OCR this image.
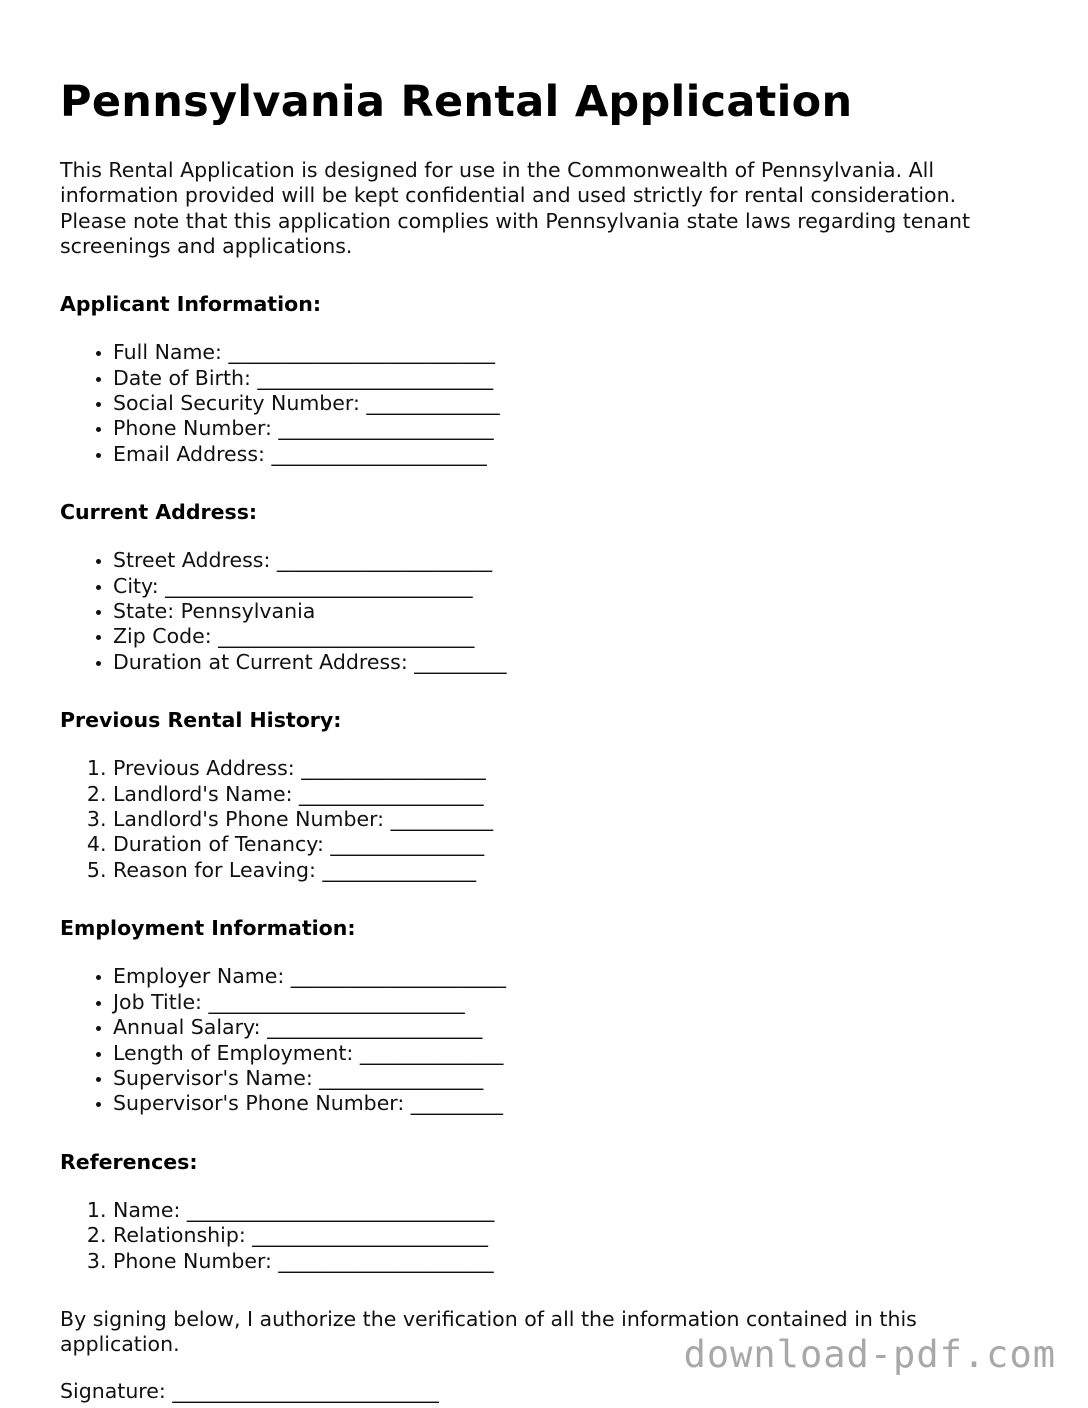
Pennsylvania Rental Application

This Rental Application is designed for use in the Commonwealth of Pennsylvania. All information provided will be kept confidential and used strictly for rental consideration. Please note that this application complies with Pennsylvania state laws regarding tenant screenings and applications.

Applicant Information:

• Full Name: __________________________
• Date of Birth: _______________________
• Social Security Number: _____________
• Phone Number: _____________________
• Email Address: _____________________

Current Address:

• Street Address: _____________________
• City: ______________________________
• State: Pennsylvania
• Zip Code: _________________________
• Duration at Current Address: _________

Previous Rental History:

1. Previous Address: __________________
2. Landlord's Name: __________________
3. Landlord's Phone Number: __________
4. Duration of Tenancy: _______________
5. Reason for Leaving: _______________

Employment Information:

• Employer Name: _____________________
• Job Title: _________________________
• Annual Salary: _____________________
• Length of Employment: ______________
• Supervisor's Name: ________________
• Supervisor's Phone Number: _________

References:

1. Name: ______________________________
2. Relationship: _______________________
3. Phone Number: _____________________

By signing below, I authorize the verification of all the information contained in this application.

Signature: __________________________

download-pdf.com
